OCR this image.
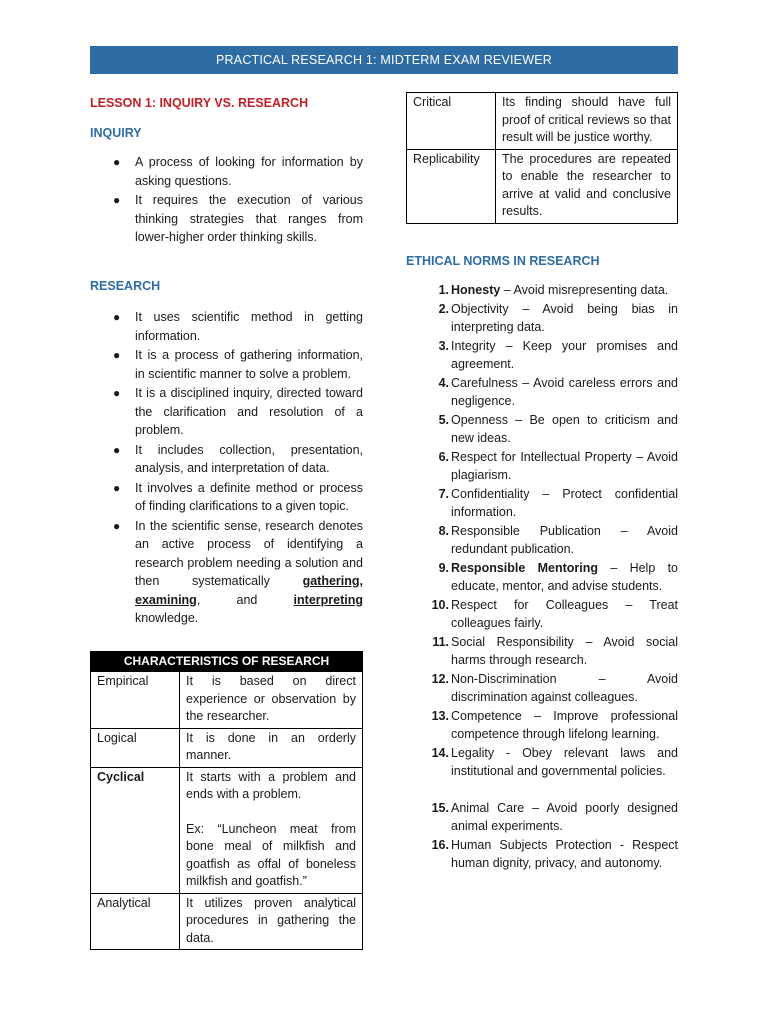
PRACTICAL RESEARCH 1: MIDTERM EXAM REVIEWER
LESSON 1: INQUIRY VS. RESEARCH
INQUIRY
● A process of looking for information by asking questions.
● It requires the execution of various thinking strategies that ranges from lower-higher order thinking skills.
RESEARCH
● It uses scientific method in getting information.
● It is a process of gathering information, in scientific manner to solve a problem.
● It is a disciplined inquiry, directed toward the clarification and resolution of a problem.
● It includes collection, presentation, analysis, and interpretation of data.
● It involves a definite method or process of finding clarifications to a given topic.
● In the scientific sense, research denotes an active process of identifying a research problem needing a solution and then systematically gathering, examining, and interpreting knowledge.
CHARACTERISTICS OF RESEARCH	
Empirical	It is based on direct experience or observation by the researcher.
Logical	It is done in an orderly manner.
Cyclical	It starts with a problem and ends with a problem.
Ex: “Luncheon meat from bone meal of milkfish and goatfish as offal of boneless milkfish and goatfish.”

Analytical	It utilizes proven analytical procedures in gathering the data.
Critical	Its finding should have full proof of critical reviews so that result will be justice worthy.
Replicability	The procedures are repeated to enable the researcher to arrive at valid and conclusive results.
ETHICAL NORMS IN RESEARCH
1. Honesty – Avoid misrepresenting data.
2. Objectivity – Avoid being bias in interpreting data.
3. Integrity – Keep your promises and agreement.
4. Carefulness – Avoid careless errors and negligence.
5. Openness – Be open to criticism and new ideas.
6. Respect for Intellectual Property – Avoid plagiarism.
7. Confidentiality – Protect confidential information.
8. Responsible Publication – Avoid redundant publication.
9. Responsible Mentoring – Help to educate, mentor, and advise students.
10. Respect for Colleagues – Treat colleagues fairly.
11. Social Responsibility – Avoid social harms through research.
12. Non-Discrimination – Avoid discrimination against colleagues.
13. Competence – Improve professional competence through lifelong learning.
14. Legality - Obey relevant laws and institutional and governmental policies.
15. Animal Care – Avoid poorly designed animal experiments.
16. Human Subjects Protection - Respect human dignity, privacy, and autonomy.
